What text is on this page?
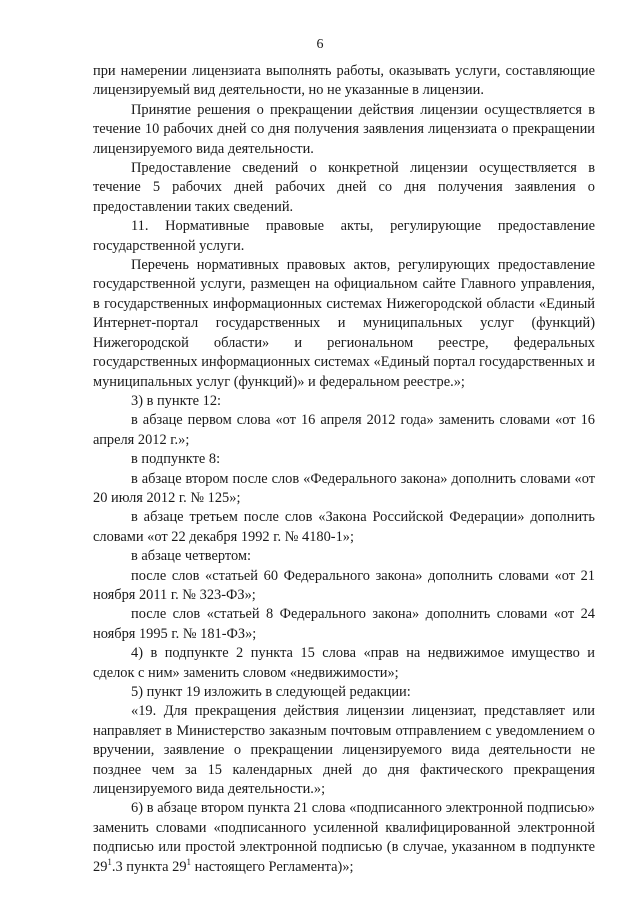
6

при намерении лицензиата выполнять работы, оказывать услуги, составляющие лицензируемый вид деятельности, но не указанные в лицензии.

Принятие решения о прекращении действия лицензии осуществляется в течение 10 рабочих дней со дня получения заявления лицензиата о прекращении лицензируемого вида деятельности.

Предоставление сведений о конкретной лицензии осуществляется в течение 5 рабочих дней рабочих дней со дня получения заявления о предоставлении таких сведений.

11. Нормативные правовые акты, регулирующие предоставление государственной услуги.

Перечень нормативных правовых актов, регулирующих предоставление государственной услуги, размещен на официальном сайте Главного управления, в государственных информационных системах Нижегородской области «Единый Интернет-портал государственных и муниципальных услуг (функций) Нижегородской области» и региональном реестре, федеральных государственных информационных системах «Единый портал государственных и муниципальных услуг (функций)» и федеральном реестре.»;

3) в пункте 12:

в абзаце первом слова «от 16 апреля 2012 года» заменить словами «от 16 апреля 2012 г.»;

в подпункте 8:

в абзаце втором после слов «Федерального закона» дополнить словами «от 20 июля 2012 г. № 125»;

в абзаце третьем после слов «Закона Российской Федерации» дополнить словами «от 22 декабря 1992 г. № 4180-1»;

в абзаце четвертом:

после слов «статьей 60 Федерального закона» дополнить словами «от 21 ноября 2011 г. № 323-ФЗ»;

после слов «статьей 8 Федерального закона» дополнить словами «от 24 ноября 1995 г. № 181-ФЗ»;

4) в подпункте 2 пункта 15 слова «прав на недвижимое имущество и сделок с ним» заменить словом «недвижимости»;

5) пункт 19 изложить в следующей редакции:

«19. Для прекращения действия лицензии лицензиат, представляет или направляет в Министерство заказным почтовым отправлением с уведомлением о вручении, заявление о прекращении лицензируемого вида деятельности не позднее чем за 15 календарных дней до дня фактического прекращения лицензируемого вида деятельности.»;

6) в абзаце втором пункта 21 слова «подписанного электронной подписью» заменить словами «подписанного усиленной квалифицированной электронной подписью или простой электронной подписью (в случае, указанном в подпункте $29^1.3$ пункта $29^1$ настоящего Регламента)»;
